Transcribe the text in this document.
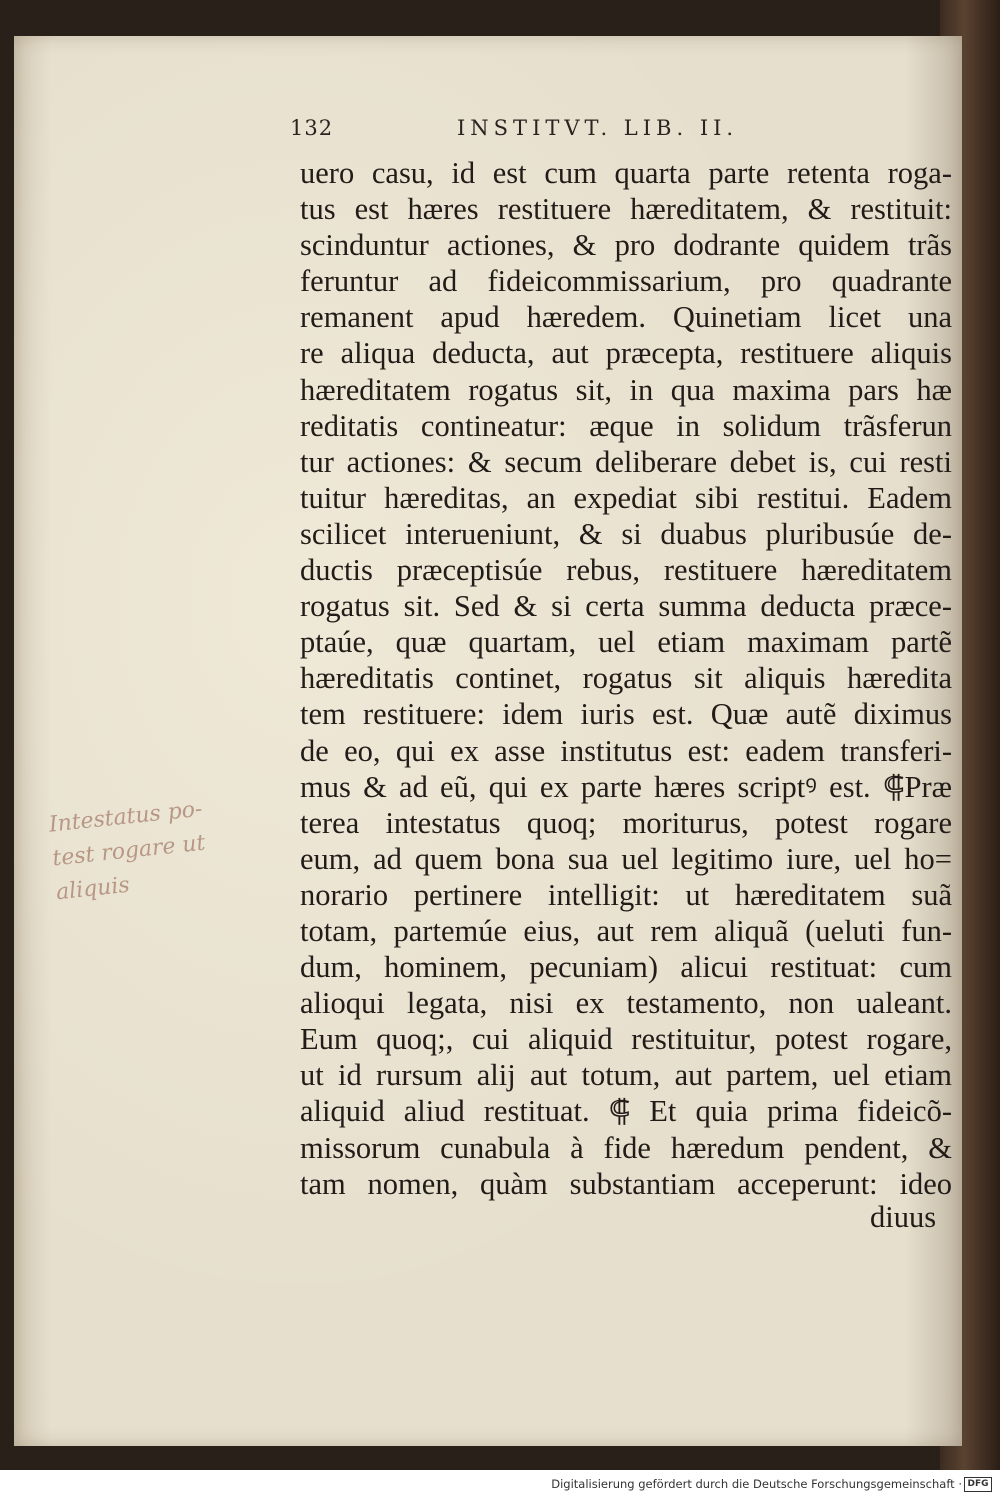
132	INSTITVT. LIB. II.
uero casu, id est cum quarta parte retenta roga-
tus est hæres restituere hæreditatem, & restituit:
scinduntur actiones, & pro dodrante quidem trãs
feruntur ad fideicommissarium, pro quadrante
remanent apud hæredem. Quinetiam licet una
re aliqua deducta, aut præcepta, restituere aliquis
hæreditatem rogatus sit, in qua maxima pars hæ
reditatis contineatur: æque in solidum trãsferun
tur actiones: & secum deliberare debet is, cui resti
tuitur hæreditas, an expediat sibi restitui. Eadem
scilicet interueniunt, & si duabus pluribusúe de-
ductis præceptisúe rebus, restituere hæreditatem
rogatus sit. Sed & si certa summa deducta præce-
ptaúe, quæ quartam, uel etiam maximam partẽ
hæreditatis continet, rogatus sit aliquis hæredita
tem restituere: idem iuris est. Quæ autẽ diximus
de eo, qui ex asse institutus est: eadem transferi-
mus & ad eũ, qui ex parte hæres scriptꝰ est. ⸿Præ
terea intestatus quoq; moriturus, potest rogare
eum, ad quem bona sua uel legitimo iure, uel ho=
norario pertinere intelligit: ut hæreditatem suã
totam, partemúe eius, aut rem aliquã (ueluti fun-
dum, hominem, pecuniam) alicui restituat: cum
alioqui legata, nisi ex testamento, non ualeant.
Eum quoq;, cui aliquid restituitur, potest rogare,
ut id rursum alij aut totum, aut partem, uel etiam
aliquid aliud restituat. ⸿ Et quia prima fideicõ-
missorum cunabula à fide hæredum pendent, &
tam nomen, quàm substantiam acceperunt: ideo
diuus
Intestatus po-
test rogare ut
aliquis
Digitalisierung gefördert durch die Deutsche Forschungsgemeinschaft · DFG
